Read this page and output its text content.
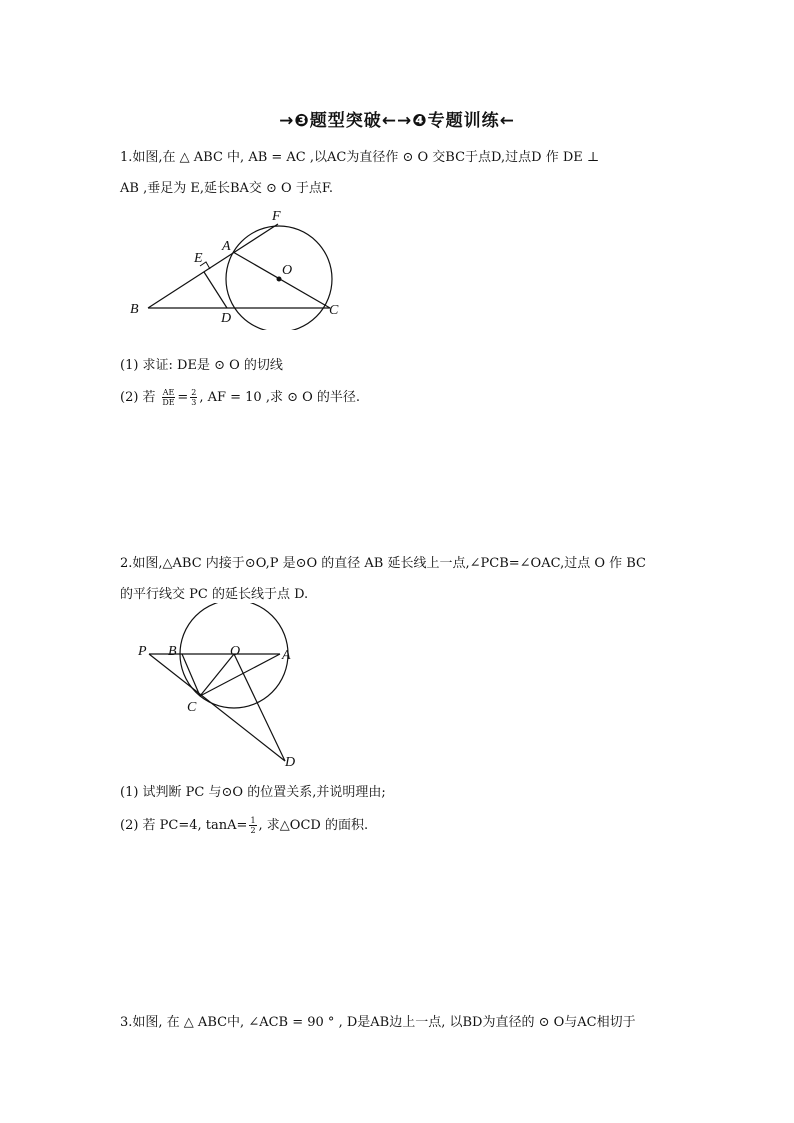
→❸题型突破←→❹专题训练←
1.如图,在 △ ABC 中, AB = AC ,以AC为直径作 ⊙ O 交BC于点D,过点D 作 DE ⊥
AB ,垂足为 E,延长BA交 ⊙ O 于点F.
F
A
E
O
B
D
C
(1) 求证: DE是 ⊙ O 的切线
(2) 若 $\frac{AE}{DE} = \frac{2}{3}$ , AF = 10 ,求 ⊙ O 的半径.
2.如图,△ABC 内接于⊙O,P 是⊙O 的直径 AB 延长线上一点,∠PCB=∠OAC,过点 O 作 BC
的平行线交 PC 的延长线于点 D.
P B	O	A
C
D
(1) 试判断 PC 与⊙O 的位置关系,并说明理由;
(2) 若 PC=4, $\tan A= \frac{1}{2}$ , 求△OCD 的面积.
3.如图, 在 △ ABC中, ∠ACB = 90 ° , D是AB边上一点, 以BD为直径的 ⊙ O与AC相切于
